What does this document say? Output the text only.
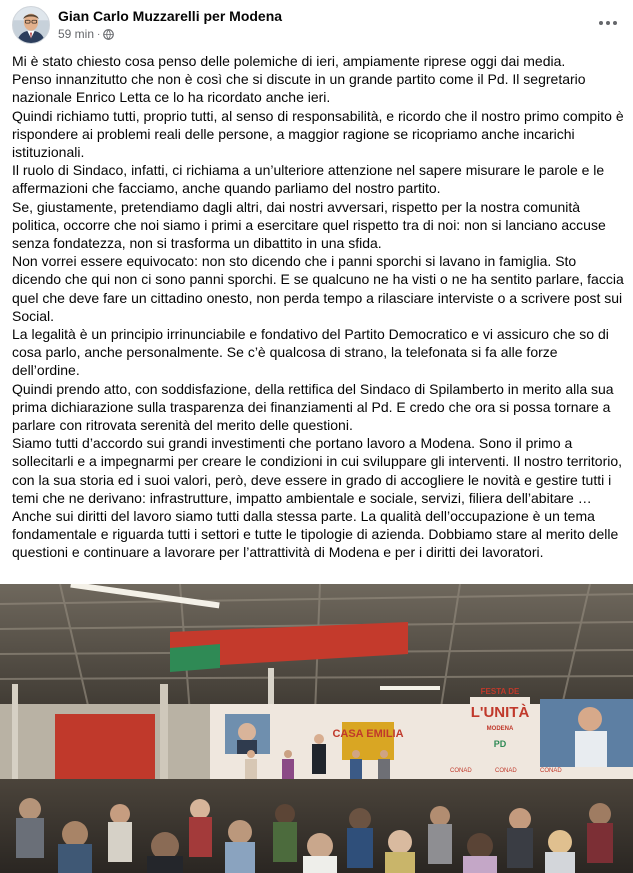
Gian Carlo Muzzarelli per Modena
59 min ·

Mi è stato chiesto cosa penso delle polemiche di ieri, ampiamente riprese oggi dai media.

Penso innanzitutto che non è così che si discute in un grande partito come il Pd. Il segretario nazionale Enrico Letta ce lo ha ricordato anche ieri.

Quindi richiamo tutti, proprio tutti, al senso di responsabilità, e ricordo che il nostro primo compito è rispondere ai problemi reali delle persone, a maggior ragione se ricopriamo anche incarichi istituzionali.

Il ruolo di Sindaco, infatti, ci richiama a un’ulteriore attenzione nel sapere misurare le parole e le affermazioni che facciamo, anche quando parliamo del nostro partito.

Se, giustamente, pretendiamo dagli altri, dai nostri avversari, rispetto per la nostra comunità politica, occorre che noi siamo i primi a esercitare quel rispetto tra di noi: non si lanciano accuse senza fondatezza, non si trasforma un dibattito in una sfida.

Non vorrei essere equivocato: non sto dicendo che i panni sporchi si lavano in famiglia. Sto dicendo che qui non ci sono panni sporchi. E se qualcuno ne ha visti o ne ha sentito parlare, faccia quel che deve fare un cittadino onesto, non perda tempo a rilasciare interviste o a scrivere post sui Social.

La legalità è un principio irrinunciabile e fondativo del Partito Democratico e vi assicuro che so di cosa parlo, anche personalmente. Se c’è qualcosa di strano, la telefonata si fa alle forze dell’ordine.

Quindi prendo atto, con soddisfazione, della rettifica del Sindaco di Spilamberto in merito alla sua prima dichiarazione sulla trasparenza dei finanziamenti al Pd. E credo che ora si possa tornare a parlare con ritrovata serenità del merito delle questioni.

Siamo tutti d’accordo sui grandi investimenti che portano lavoro a Modena. Sono il primo a sollecitarli e a impegnarmi per creare le condizioni in cui sviluppare gli interventi. Il nostro territorio, con la sua storia ed i suoi valori, però, deve essere in grado di accogliere le novità e gestire tutti i temi che ne derivano: infrastrutture, impatto ambientale e sociale, servizi, filiera dell’abitare …

Anche sui diritti del lavoro siamo tutti dalla stessa parte. La qualità dell’occupazione è un tema fondamentale e riguarda tutti i settori e tutte le tipologie di azienda. Dobbiamo stare al merito delle questioni e continuare a lavorare per l’attrattività di Modena e per i diritti dei lavoratori.

CASA EMILIA
FESTA DE
L'UNITÀ
MODENA
PD
CONAD	CONAD	CONAD
